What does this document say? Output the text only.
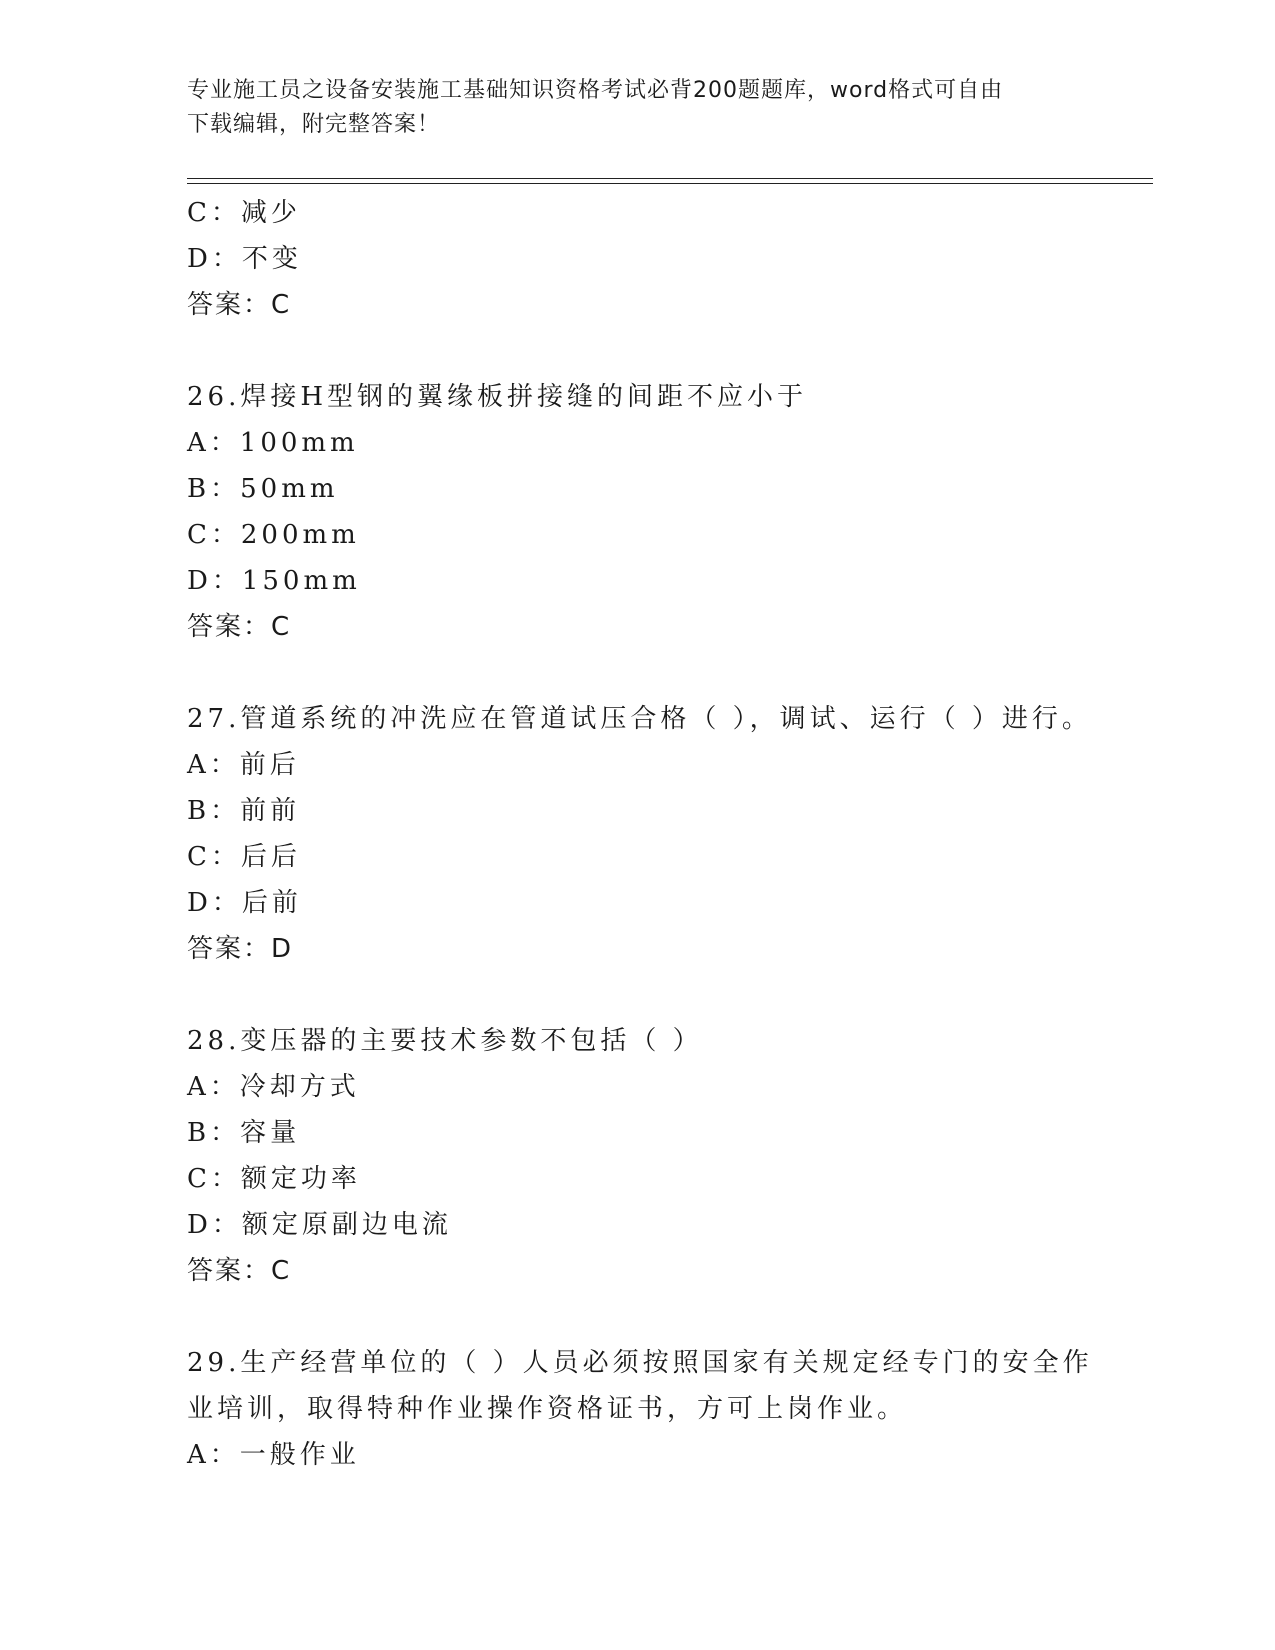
专业施工员之设备安装施工基础知识资格考试必背200题题库，word格式可自由
下载编辑，附完整答案！
C：减少
D：不变
答案：C
26.焊接H型钢的翼缘板拼接缝的间距不应小于
A：100mm
B：50mm
C：200mm
D：150mm
答案：C
27.管道系统的冲洗应在管道试压合格（ ），调试、运行（ ）进行。
A：前后
B：前前
C：后后
D：后前
答案：D
28.变压器的主要技术参数不包括（ ）
A：冷却方式
B：容量
C：额定功率
D：额定原副边电流
答案：C
29.生产经营单位的（ ）人员必须按照国家有关规定经专门的安全作
业培训，取得特种作业操作资格证书，方可上岗作业。
A：一般作业
